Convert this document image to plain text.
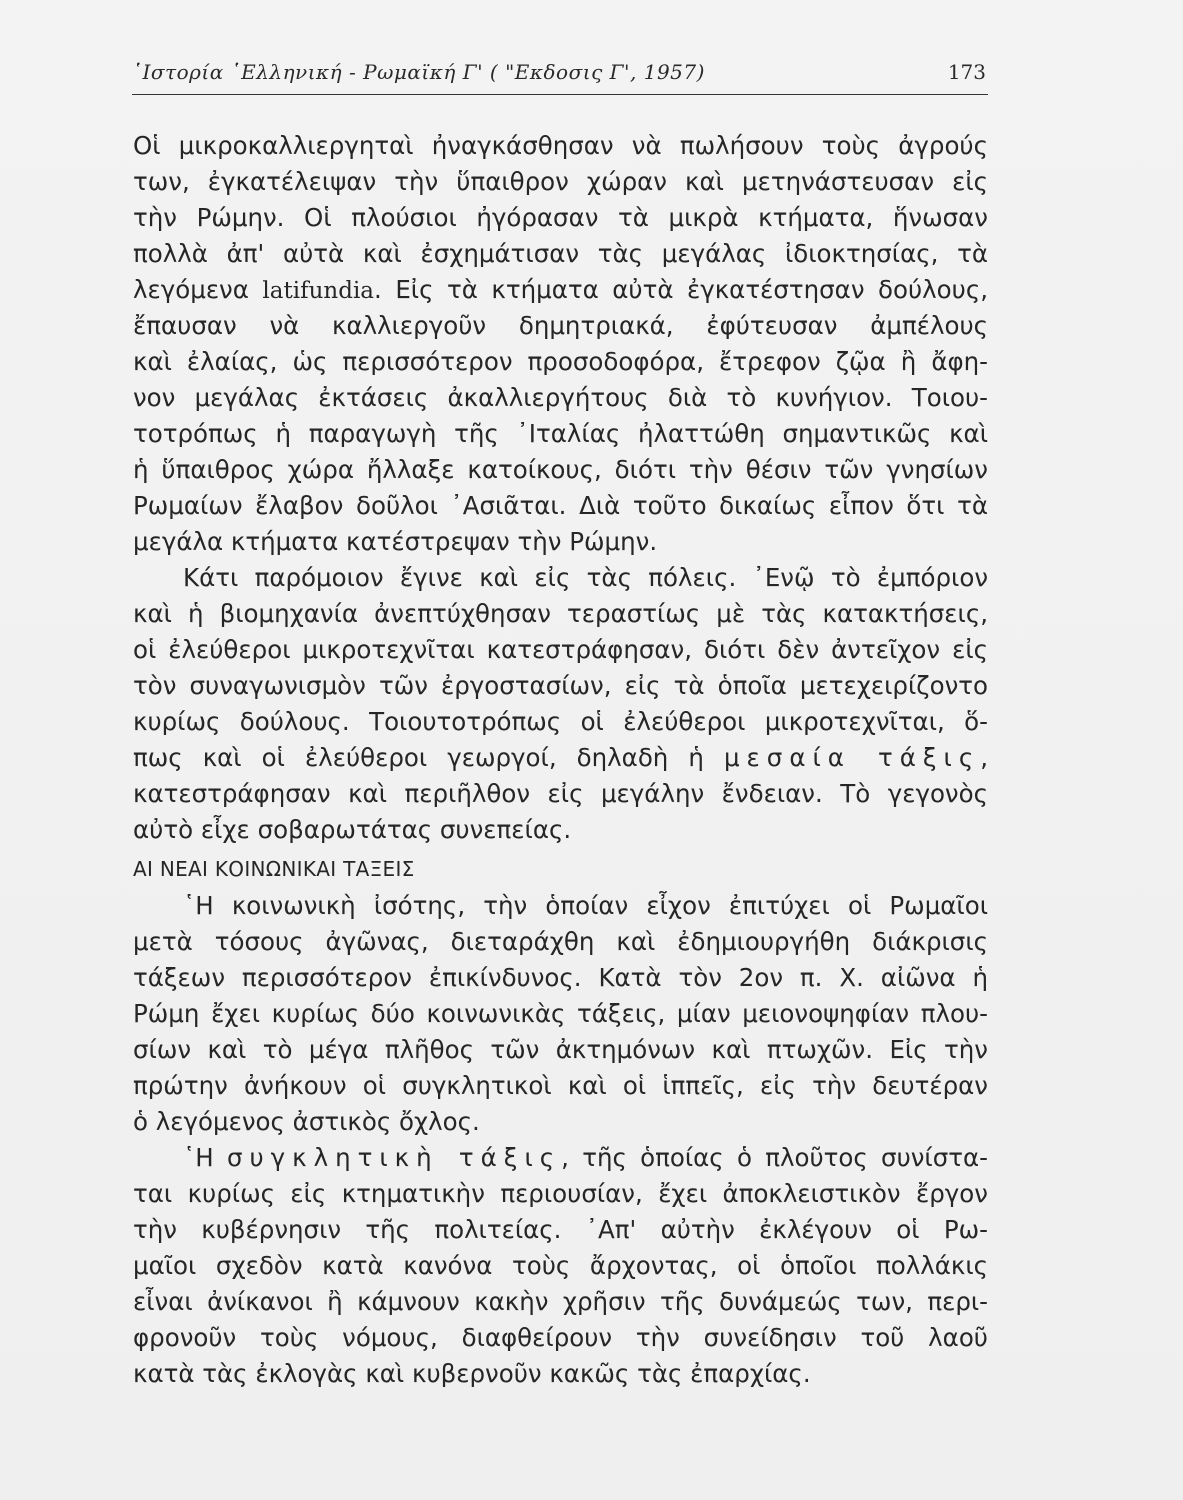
῾Ιστορία ῾Ελληνική - Ρωμαϊκή Γ' ( "Εκδοσις Γ', 1957)	173
Οἱ μικροκαλλιεργηταὶ ἠναγκάσθησαν νὰ πωλήσουν τοὺς ἀγρούς
των, ἐγκατέλειψαν τὴν ὕπαιθρον χώραν καὶ μετηνάστευσαν εἰς
τὴν Ρώμην. Οἱ πλούσιοι ἠγόρασαν τὰ μικρὰ κτήματα, ἥνωσαν
πολλὰ ἀπ' αὐτὰ καὶ ἐσχημάτισαν τὰς μεγάλας ἰδιοκτησίας, τὰ
λεγόμενα latifundia. Εἰς τὰ κτήματα αὐτὰ ἐγκατέστησαν δούλους,
ἔπαυσαν νὰ καλλιεργοῦν δημητριακά, ἐφύτευσαν ἀμπέλους
καὶ ἐλαίας, ὡς περισσότερον προσοδοφόρα, ἔτρεφον ζῷα ἢ ἄφη-
νον μεγάλας ἐκτάσεις ἀκαλλιεργήτους διὰ τὸ κυνήγιον. Τοιου-
τοτρόπως ἡ παραγωγὴ τῆς ᾿Ιταλίας ἠλαττώθη σημαντικῶς καὶ
ἡ ὕπαιθρος χώρα ἤλλαξε κατοίκους, διότι τὴν θέσιν τῶν γνησίων
Ρωμαίων ἔλαβον δοῦλοι ᾿Ασιᾶται. Διὰ τοῦτο δικαίως εἶπον ὅτι τὰ
μεγάλα κτήματα κατέστρεψαν τὴν Ρώμην.
Κάτι παρόμοιον ἔγινε καὶ εἰς τὰς πόλεις. ᾿Ενῷ τὸ ἐμπόριον
καὶ ἡ βιομηχανία ἀνεπτύχθησαν τεραστίως μὲ τὰς κατακτήσεις,
οἱ ἐλεύθεροι μικροτεχνῖται κατεστράφησαν, διότι δὲν ἀντεῖχον εἰς
τὸν συναγωνισμὸν τῶν ἐργοστασίων, εἰς τὰ ὁποῖα μετεχειρίζοντο
κυρίως δούλους. Τοιουτοτρόπως οἱ ἐλεύθεροι μικροτεχνῖται, ὅ-
πως καὶ οἱ ἐλεύθεροι γεωργοί, δηλαδὴ ἡ μεσαία τάξις,
κατεστράφησαν καὶ περιῆλθον εἰς μεγάλην ἔνδειαν. Τὸ γεγονὸς
αὐτὸ εἶχε σοβαρωτάτας συνεπείας.
ΑΙ ΝΕΑΙ ΚΟΙΝΩΝΙΚΑΙ ΤΑΞΕΙΣ
῾Η κοινωνικὴ ἰσότης, τὴν ὁποίαν εἶχον ἐπιτύχει οἱ Ρωμαῖοι
μετὰ τόσους ἀγῶνας, διεταράχθη καὶ ἐδημιουργήθη διάκρισις
τάξεων περισσότερον ἐπικίνδυνος. Κατὰ τὸν 2ον π. Χ. αἰῶνα ἡ
Ρώμη ἔχει κυρίως δύο κοινωνικὰς τάξεις, μίαν μειονοψηφίαν πλου-
σίων καὶ τὸ μέγα πλῆθος τῶν ἀκτημόνων καὶ πτωχῶν. Εἰς τὴν
πρώτην ἀνήκουν οἱ συγκλητικοὶ καὶ οἱ ἱππεῖς, εἰς τὴν δευτέραν
ὁ λεγόμενος ἀστικὸς ὄχλος.
῾Η συγκλητικὴ τάξις, τῆς ὁποίας ὁ πλοῦτος συνίστα-
ται κυρίως εἰς κτηματικὴν περιουσίαν, ἔχει ἀποκλειστικὸν ἔργον
τὴν κυβέρνησιν τῆς πολιτείας. ᾿Απ' αὐτὴν ἐκλέγουν οἱ Ρω-
μαῖοι σχεδὸν κατὰ κανόνα τοὺς ἄρχοντας, οἱ ὁποῖοι πολλάκις
εἶναι ἀνίκανοι ἢ κάμνουν κακὴν χρῆσιν τῆς δυνάμεώς των, περι-
φρονοῦν τοὺς νόμους, διαφθείρουν τὴν συνείδησιν τοῦ λαοῦ
κατὰ τὰς ἐκλογὰς καὶ κυβερνοῦν κακῶς τὰς ἐπαρχίας.
